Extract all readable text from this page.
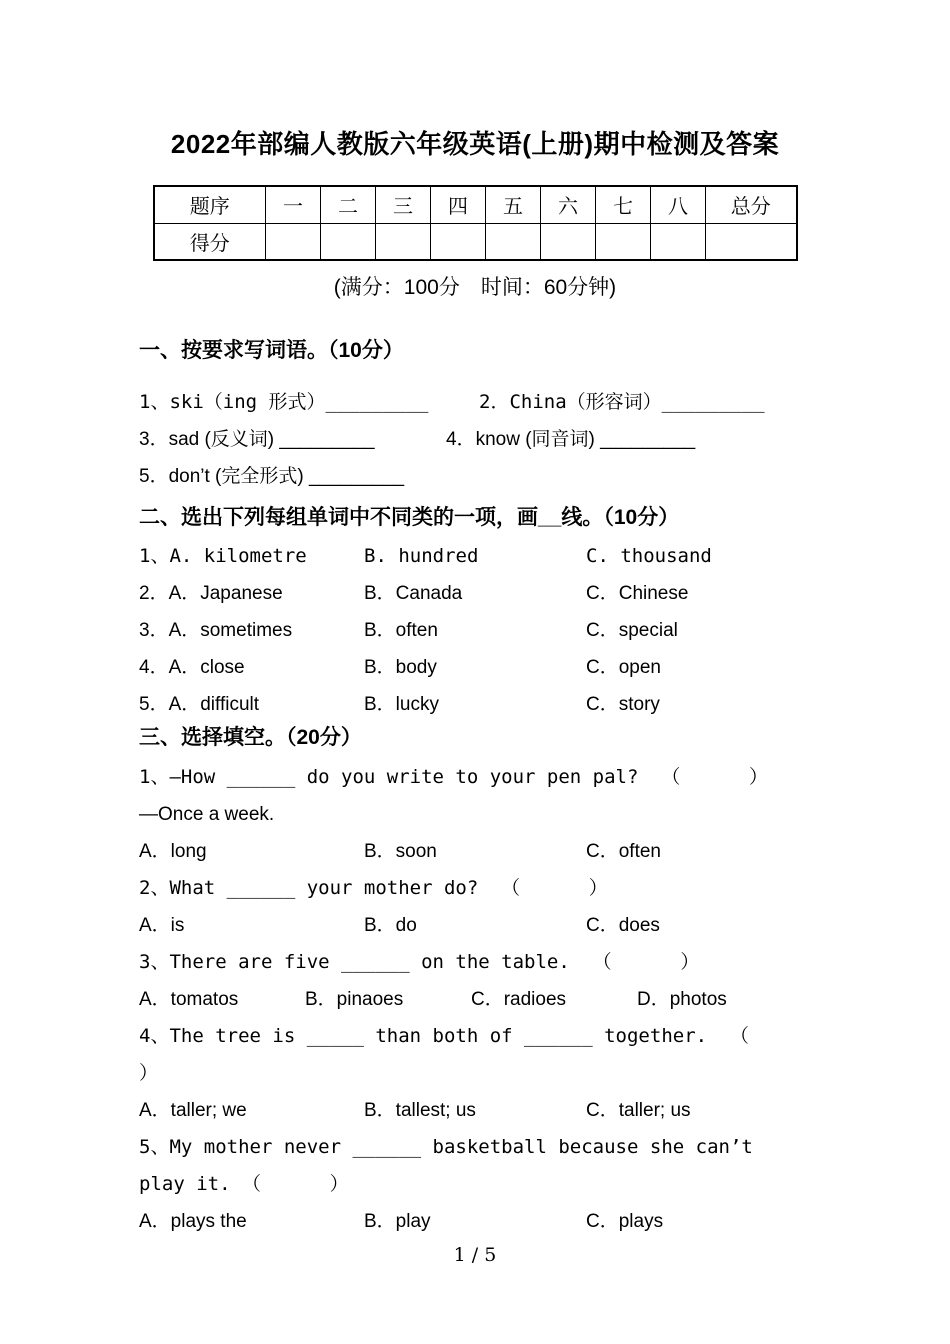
2022年部编人教版六年级英语(上册)期中检测及答案
题序	一	二	三	四	五	六	七	八	总分
得分									
(满分：100分　时间：60分钟)
一、按要求写词语。（10分）
1、ski（ing 形式）_________	2．China（形容词）_________
3．sad (反义词) _________	4．know (同音词) _________
5．don’t (完全形式) _________
二、选出下列每组单词中不同类的一项，画__线。（10分）
1、A. kilometre	B. hundred	C. thousand
2．A．Japanese	B．Canada	C．Chinese
3．A．sometimes	B．often	C．special
4．A．close	B．body	C．open
5．A．difficult	B．lucky	C．story
三、选择填空。（20分）
1、—How ______ do you write to your pen pal?  （      ）
—Once a week.
A．long	B．soon	C．often
2、What ______ your mother do?  （      ）
A．is	B．do	C．does
3、There are five ______ on the table.  （      ）
A．tomatos	B．pinaoes	C．radioes	D．photos
4、The tree is _____ than both of ______ together.  （
）
A．taller; we	B．tallest; us	C．taller; us
5、My mother never ______ basketball because she can’t
play it. （      ）
A．plays the	B．play	C．plays
1 / 5
